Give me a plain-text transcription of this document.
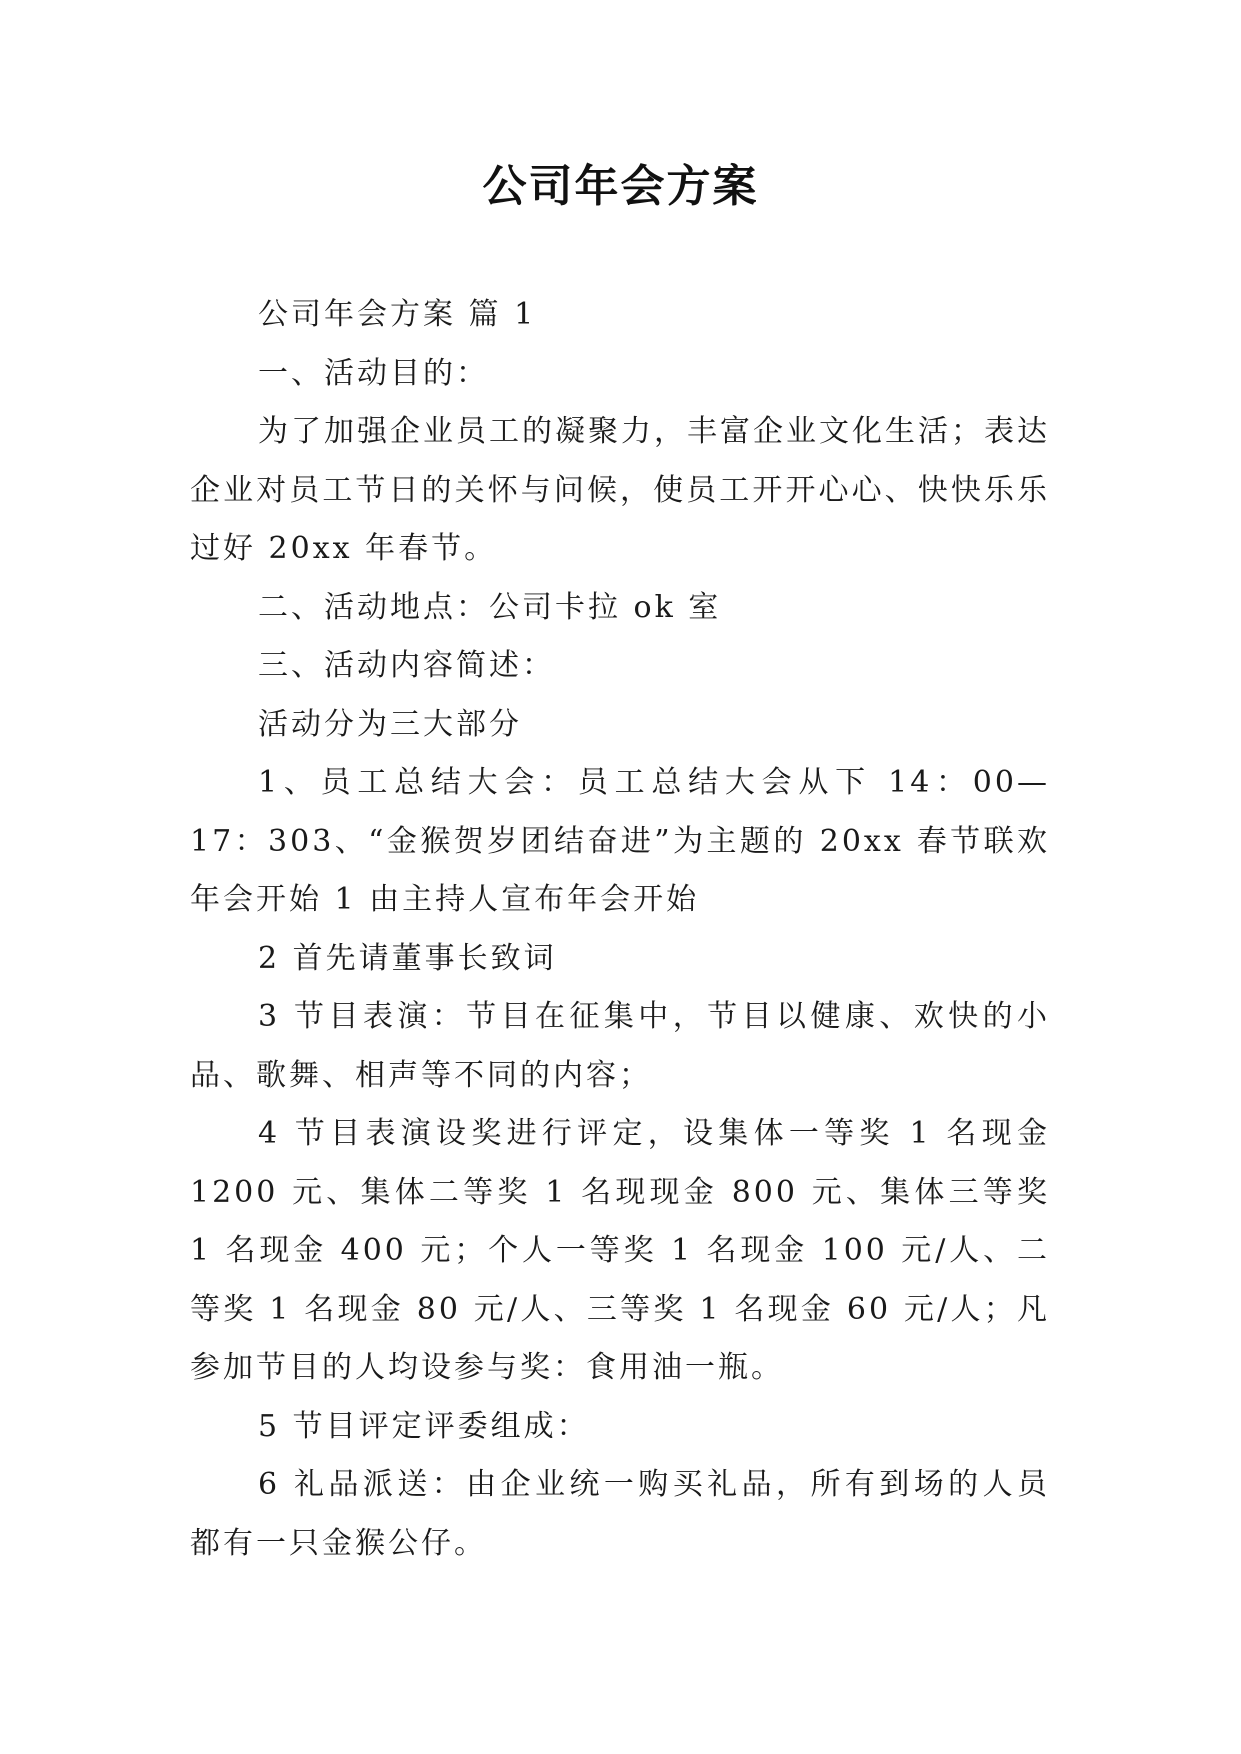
公司年会方案

公司年会方案 篇 1

一、活动目的：

为了加强企业员工的凝聚力，丰富企业文化生活；表达企业对员工节日的关怀与问候，使员工开开心心、快快乐乐过好 20xx 年春节。

二、活动地点：公司卡拉 ok 室

三、活动内容简述：

活动分为三大部分

1、员工总结大会：员工总结大会从下 14：00—17：303、“金猴贺岁团结奋进”为主题的 20xx 春节联欢年会开始 1 由主持人宣布年会开始

2 首先请董事长致词

3 节目表演：节目在征集中，节目以健康、欢快的小品、歌舞、相声等不同的内容；

4 节目表演设奖进行评定，设集体一等奖 1 名现金 1200 元、集体二等奖 1 名现现金 800 元、集体三等奖 1 名现金 400 元；个人一等奖 1 名现金 100 元/人、二等奖 1 名现金 80 元/人、三等奖 1 名现金 60 元/人；凡参加节目的人均设参与奖：食用油一瓶。

5 节目评定评委组成：

6 礼品派送：由企业统一购买礼品，所有到场的人员都有一只金猴公仔。
